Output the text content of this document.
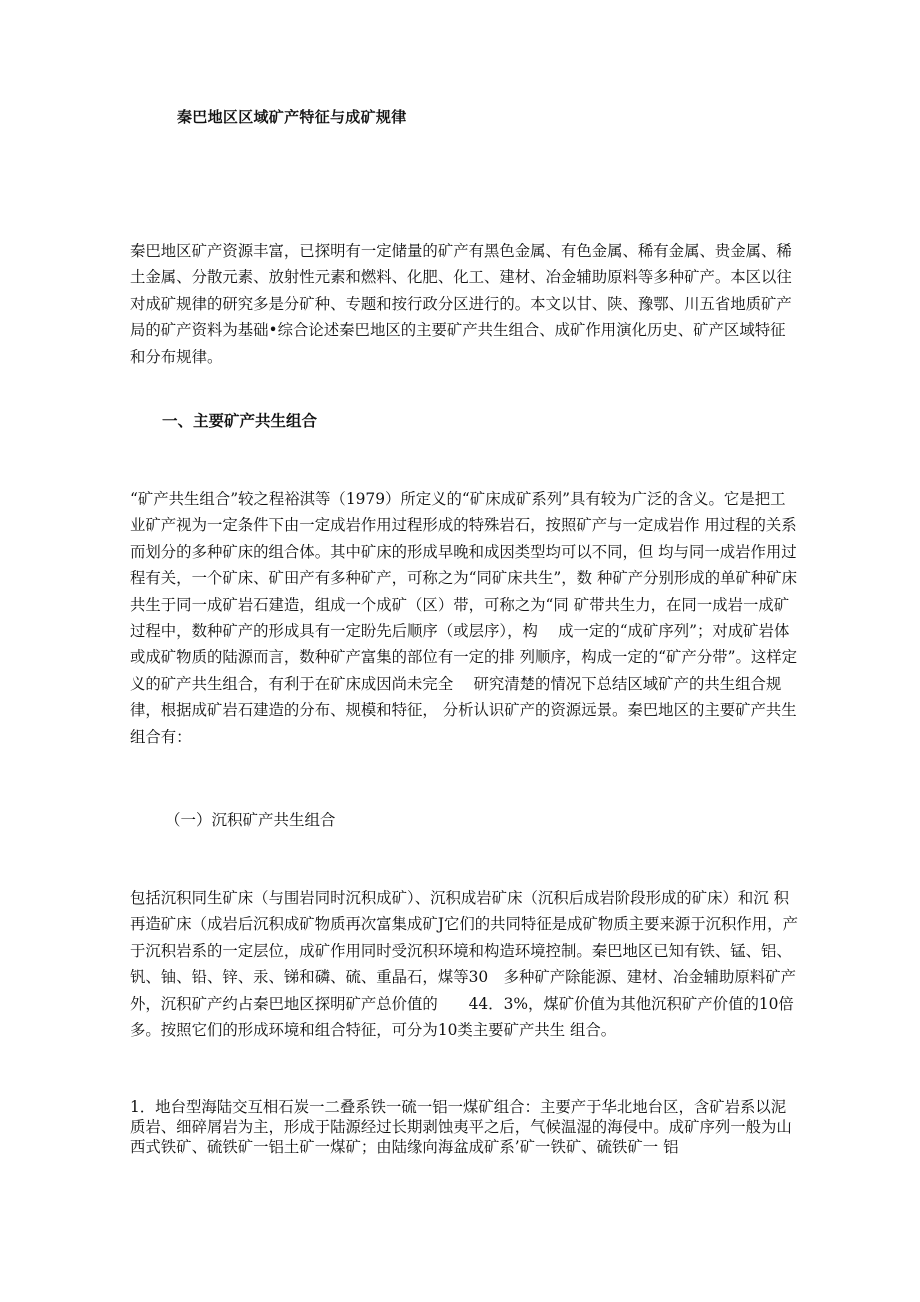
秦巴地区区域矿产特征与成矿规律
秦巴地区矿产资源丰富，已探明有一定储量的矿产有黑色金属、有色金属、稀有金属、贵金属、稀土金属、分散元素、放射性元素和燃料、化肥、化工、建材、冶金辅助原料等多种矿产。本区以往对成矿规律的研究多是分矿种、专题和按行政分区进行的。本文以甘、陕、豫鄂、川五省地质矿产局的矿产资料为基础•综合论述秦巴地区的主要矿产共生组合、成矿作用演化历史、矿产区域特征和分布规律。
一、主要矿产共生组合
“矿产共生组合”较之程裕淇等（1979）所定义的“矿床成矿系列”具有较为广泛的含义。它是把工业矿产视为一定条件下由一定成岩作用过程形成的特殊岩石，按照矿产与一定成岩作 用过程的关系而划分的多种矿床的组合体。其中矿床的形成早晚和成因类型均可以不同，但 均与同一成岩作用过程有关，一个矿床、矿田产有多种矿产，可称之为“同矿床共生”，数 种矿产分别形成的单矿种矿床共生于同一成矿岩石建造，组成一个成矿（区）带，可称之为“同 矿带共生力，在同一成岩一成矿过程中，数种矿产的形成具有一定盼先后顺序（或层序），构　 成一定的“成矿序列”；对成矿岩体或成矿物质的陆源而言，数种矿产富集的部位有一定的排 列顺序，构成一定的“矿产分带”。这样定义的矿产共生组合，有利于在矿床成因尚未完全　 研究清楚的情况下总结区域矿产的共生组合规律，根据成矿岩石建造的分布、规模和特征， 分析认识矿产的资源远景。秦巴地区的主要矿产共生组合有：
（一）沉积矿产共生组合
包括沉积同生矿床（与围岩同时沉积成矿）、沉积成岩矿床（沉积后成岩阶段形成的矿床）和沉 积再造矿床（成岩后沉积成矿物质再次富集成矿J它们的共同特征是成矿物质主要来源于沉积作用，产于沉积岩系的一定层位，成矿作用同时受沉积环境和构造环境控制。秦巴地区已知有铁、锰、铝、钒、铀、铅、锌、汞、锑和磷、硫、重晶石，煤等30　多种矿产除能源、建材、冶金辅助原料矿产外，沉积矿产约占秦巴地区探明矿产总价值的　　44．3%，煤矿价值为其他沉积矿产价值的10倍多。按照它们的形成环境和组合特征，可分为10类主要矿产共生 组合。
1．地台型海陆交互相石炭一二叠系铁一硫一铝一煤矿组合：主要产于华北地台区，含矿岩系以泥质岩、细碎屑岩为主，形成于陆源经过长期剥蚀夷平之后，气候温湿的海侵中。成矿序列一般为山西式铁矿、硫铁矿一铝土矿一煤矿；由陆缘向海盆成矿系’矿一铁矿、硫铁矿一 铝
